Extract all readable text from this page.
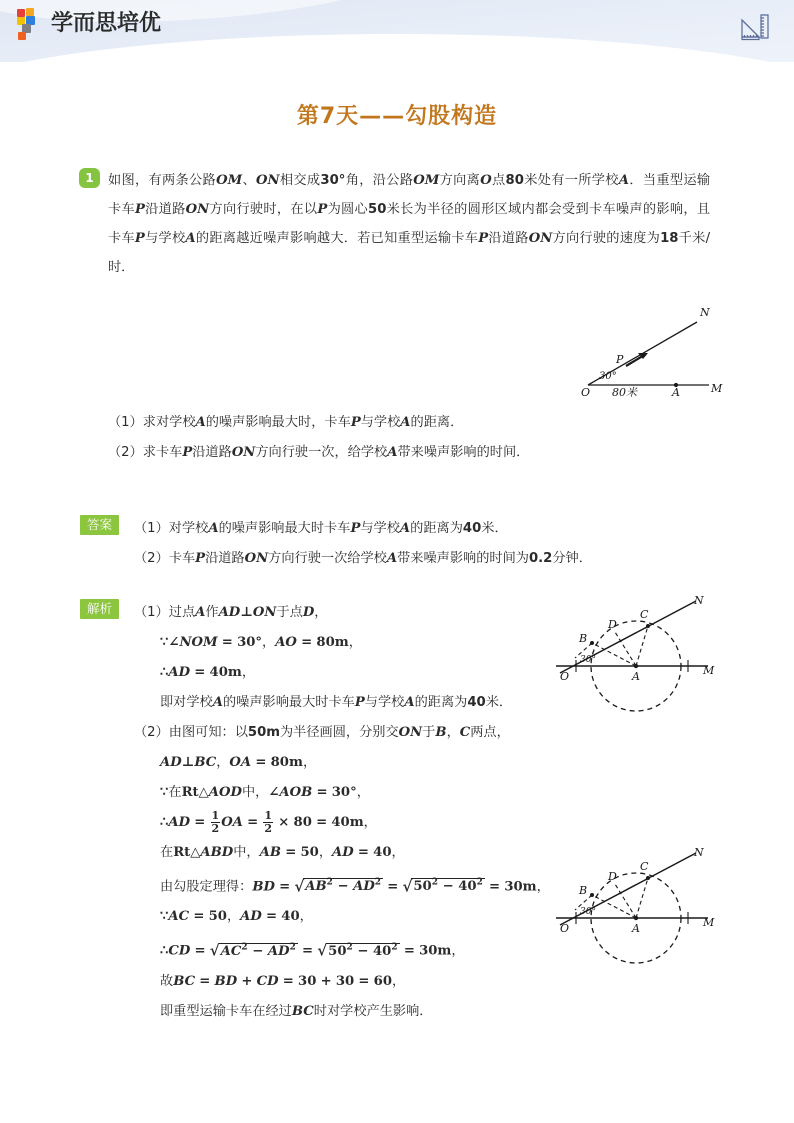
学而思培优
第7天——勾股构造
1	如图，有两条公路OM、ON相交成30°角，沿公路OM方向离O点80米处有一所学校A．当重型运输卡车P沿道路ON方向行驶时，在以P为圆心50米长为半径的圆形区域内都会受到卡车噪声的影响，且卡车P与学校A的距离越近噪声影响越大．若已知重型运输卡车P沿道路ON方向行驶的速度为18千米/时．
（1）求对学校A的噪声影响最大时，卡车P与学校A的距离．
（2）求卡车P沿道路ON方向行驶一次，给学校A带来噪声影响的时间．
答案	（1）对学校A的噪声影响最大时卡车P与学校A的距离为40米．
（2）卡车P沿道路ON方向行驶一次给学校A带来噪声影响的时间为0.2分钟．
解析	（1）过点A作AD⊥ON于点D，
∵∠NOM = 30°，AO = 80m，
∴AD = 40m，
即对学校A的噪声影响最大时卡车P与学校A的距离为40米．
（2）由图可知：以50m为半径画圆，分别交ON于B，C两点，
AD⊥BC，OA = 80m，
∵在Rt△AOD中，∠AOB = 30°，
∴AD = $\frac{1}{2}$ OA = $\frac{1}{2} \times 80 = 40m$，
在Rt△ABD中，AB = 50，AD = 40，
由勾股定理得：BD = $√AB^2 - AD^2 = √50^2 - 40^2 = 30m$，
∵AC = 50，AD = 40，
∴CD = $√AC^2 - AD^2 = √50^2 - 40^2 = 30m$，
故BC = BD + CD = 30 + 30 = 60，
即重型运输卡车在经过BC时对学校产生影响．
N
M
O	A
P
30°
80米
N
M
O	A
B
C
D
30°
N
M
O	A
B
C
D
30°
